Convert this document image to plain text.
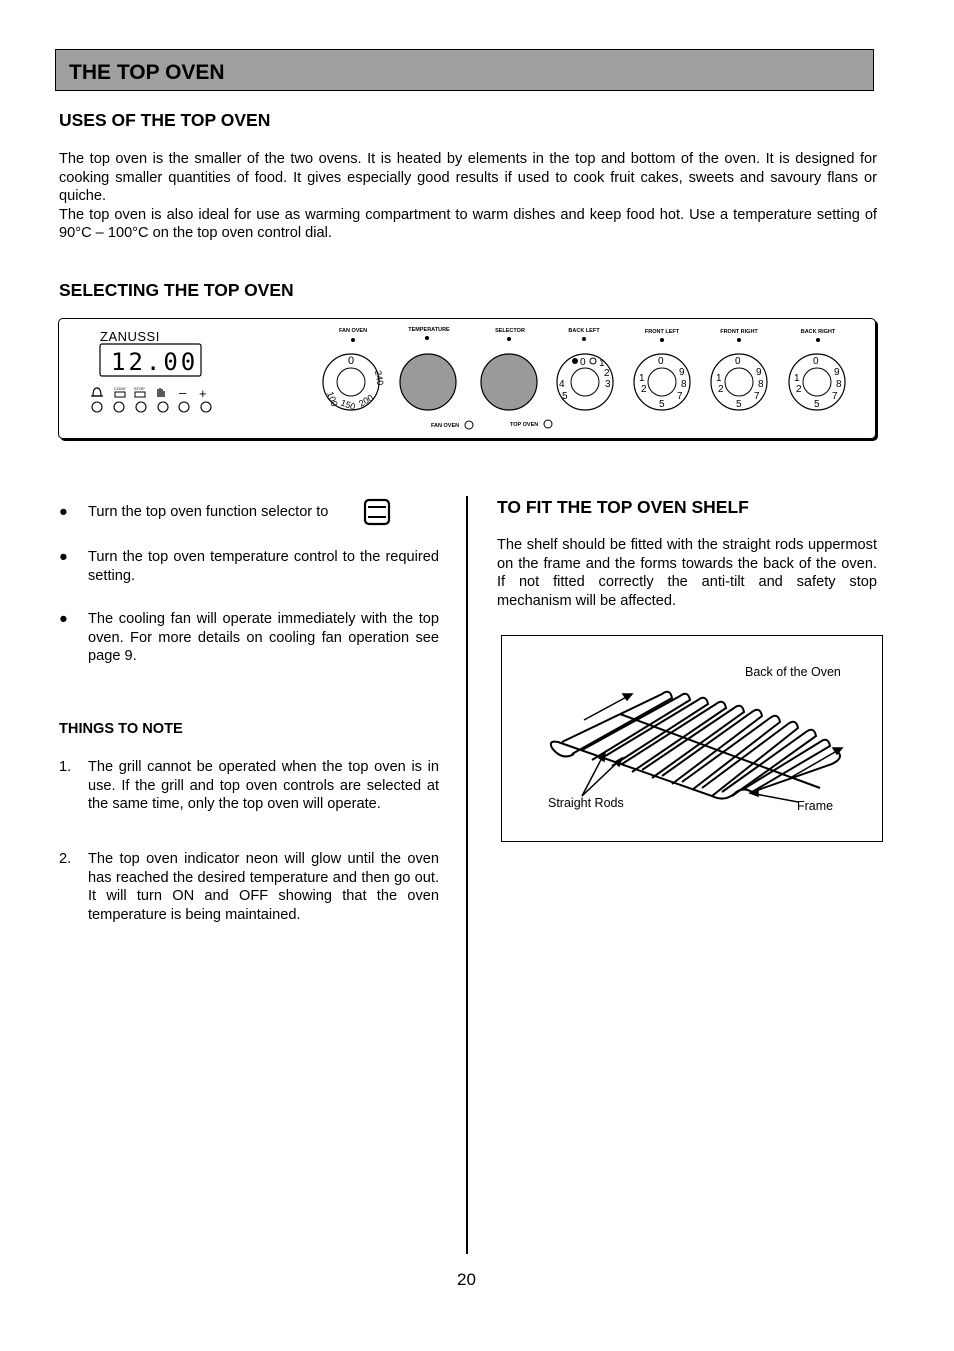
THE TOP OVEN
USES OF THE TOP OVEN

The top oven is the smaller of the two ovens. It is heated by elements in the top and bottom of the oven. It is designed for cooking smaller quantities of food. It gives especially good results if used to cook fruit cakes, sweets and savoury flans or quiche.

The top oven is also ideal for use as warming compartment to warm dishes and keep food hot. Use a temperature setting of 90°C – 100°C on the top oven control dial.

SELECTING THE TOP OVEN
ZANUSSI
12.00
COOK STOP	– +
FAN OVEN	TEMPERATURE	SELECTOR	BACK LEFT	FRONT LEFT	FRONT RIGHT	BACK RIGHT
0
100 150 200
240
0 1
2
3
4
5
0
1
2
5
7
8
9
0
1
2
5
7
8
9
0
1
2
5
7
8
9
FAN OVEN	TOP OVEN
● Turn the top oven function selector to
● Turn the top oven temperature control to the required setting.
● The cooling fan will operate immediately with the top oven. For more details on cooling fan operation see page 9.
THINGS TO NOTE
1. The grill cannot be operated when the top oven is in use. If the grill and top oven controls are selected at the same time, only the top oven will operate.
2. The top oven indicator neon will glow until the oven has reached the desired temperature and then go out. It will turn ON and OFF showing that the oven temperature is being maintained.
TO FIT THE TOP OVEN SHELF
The shelf should be fitted with the straight rods uppermost on the frame and the forms towards the back of the oven. If not fitted correctly the anti-tilt and safety stop mechanism will be affected.
Back of the Oven
Straight Rods	Frame
20
